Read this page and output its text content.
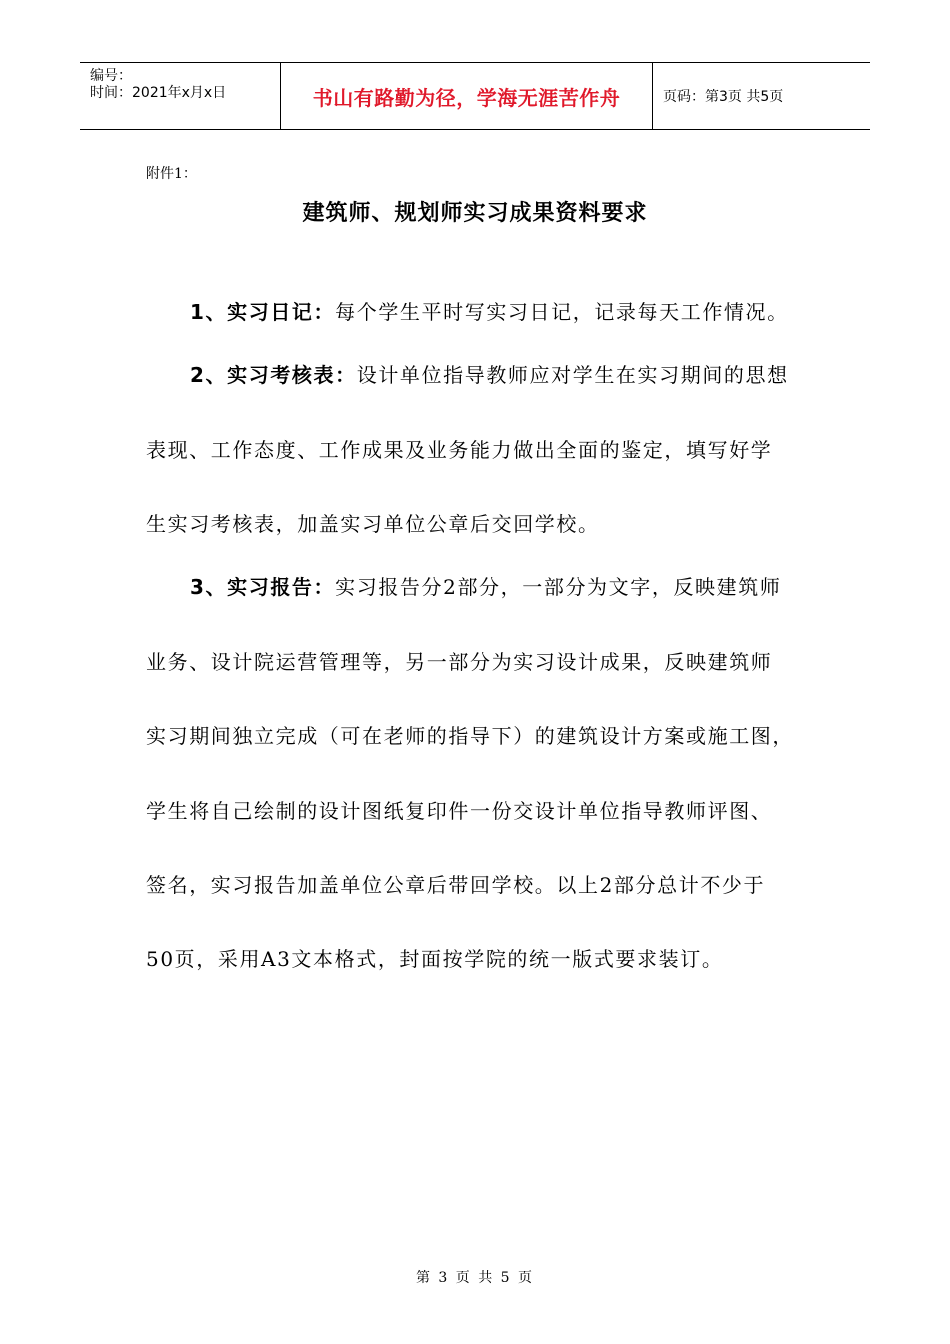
编号：
时间：2021年x月x日	书山有路勤为径，学海无涯苦作舟	页码：第3页 共5页
附件1：
建筑师、规划师实习成果资料要求
1、实习日记：每个学生平时写实习日记，记录每天工作情况。
2、实习考核表：设计单位指导教师应对学生在实习期间的思想
表现、工作态度、工作成果及业务能力做出全面的鉴定，填写好学
生实习考核表，加盖实习单位公章后交回学校。
3、实习报告：实习报告分2部分，一部分为文字，反映建筑师
业务、设计院运营管理等，另一部分为实习设计成果，反映建筑师
实习期间独立完成（可在老师的指导下）的建筑设计方案或施工图，
学生将自己绘制的设计图纸复印件一份交设计单位指导教师评图、
签名，实习报告加盖单位公章后带回学校。以上2部分总计不少于
50页，采用A3文本格式，封面按学院的统一版式要求装订。
第 3 页 共 5 页
